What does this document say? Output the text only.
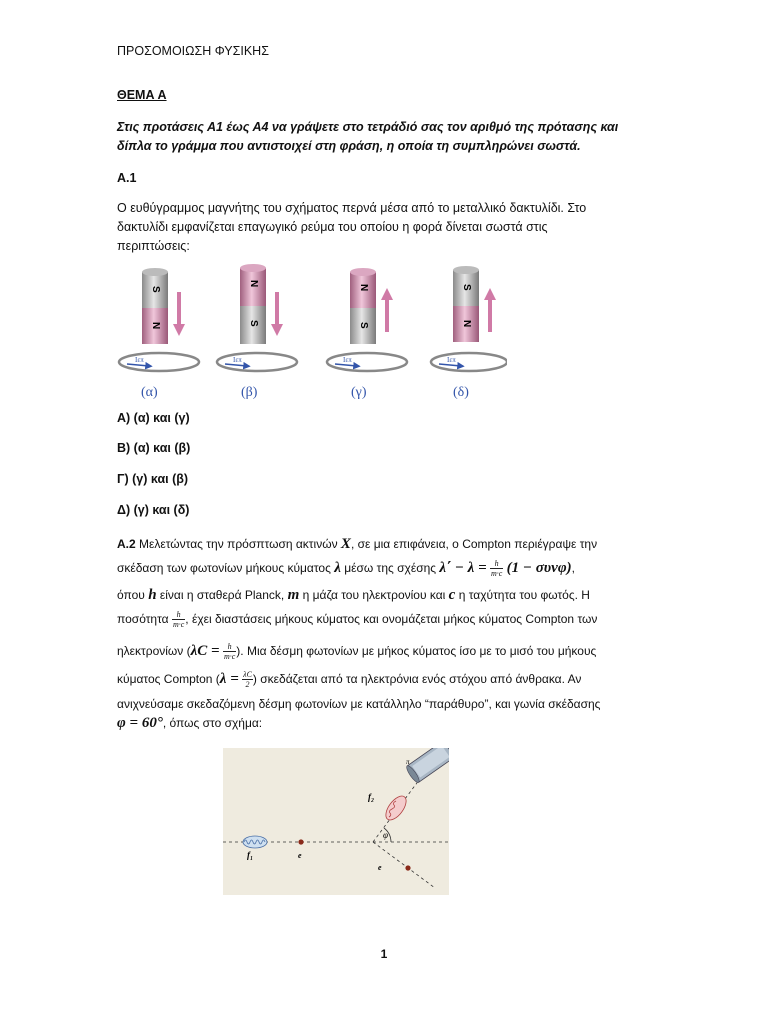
ΠΡΟΣΟΜΟΙΩΣΗ ΦΥΣΙΚΗΣ
ΘΕΜΑ Α
Στις προτάσεις Α1 έως Α4 να γράψετε στο τετράδιό σας τον αριθμό της πρότασης και
δίπλα το γράμμα που αντιστοιχεί στη φράση, η οποία τη συμπληρώνει σωστά.
Α.1
Ο ευθύγραμμος μαγνήτης του σχήματος περνά μέσα από το μεταλλικό δακτυλίδι. Στο
δακτυλίδι εμφανίζεται επαγωγικό ρεύμα του οποίου η φορά δίνεται σωστά στις
περιπτώσεις:
S
N
Iεπ
(α)
N
S
Iεπ
(β)
N
S
Iεπ
(γ)
S
N
Iεπ
(δ)
Α) (α) και (γ)
Β) (α) και (β)
Γ) (γ) και (β)
Δ) (γ) και (δ)
Α.2 Μελετώντας την πρόσπτωση ακτινών X, σε μια επιφάνεια, ο Compton περιέγραψε την
σκέδαση των φωτονίων μήκους κύματος λ μέσω της σχέσης $\lambda΄ - \lambda = \frac{h}{m\cdot c} (1 - \sigma\upsilon\nu\varphi)$,
όπου h είναι η σταθερά Planck, m η μάζα του ηλεκτρονίου και c η ταχύτητα του φωτός. Η
ποσότητα $\frac{h}{m\cdot c}$ , έχει διαστάσεις μήκους κύματος και ονομάζεται μήκος κύματος Compton των
ηλεκτρονίων ($\lambda C = \frac{h}{m\cdot c}$ ). Μια δέσμη φωτονίων με μήκος κύματος ίσο με το μισό του μήκους
κύματος Compton ($\lambda = \frac{\lambda C}{2}$ ) σκεδάζεται από τα ηλεκτρόνια ενός στόχου από άνθρακα. Αν
ανιχνεύσαμε σκεδαζόμενη δέσμη φωτονίων με κατάλληλο “παράθυρο”, και γωνία σκέδασης
φ = 60°, όπως στο σχήμα:
f₁	e
f₂
φ
e
π
1
